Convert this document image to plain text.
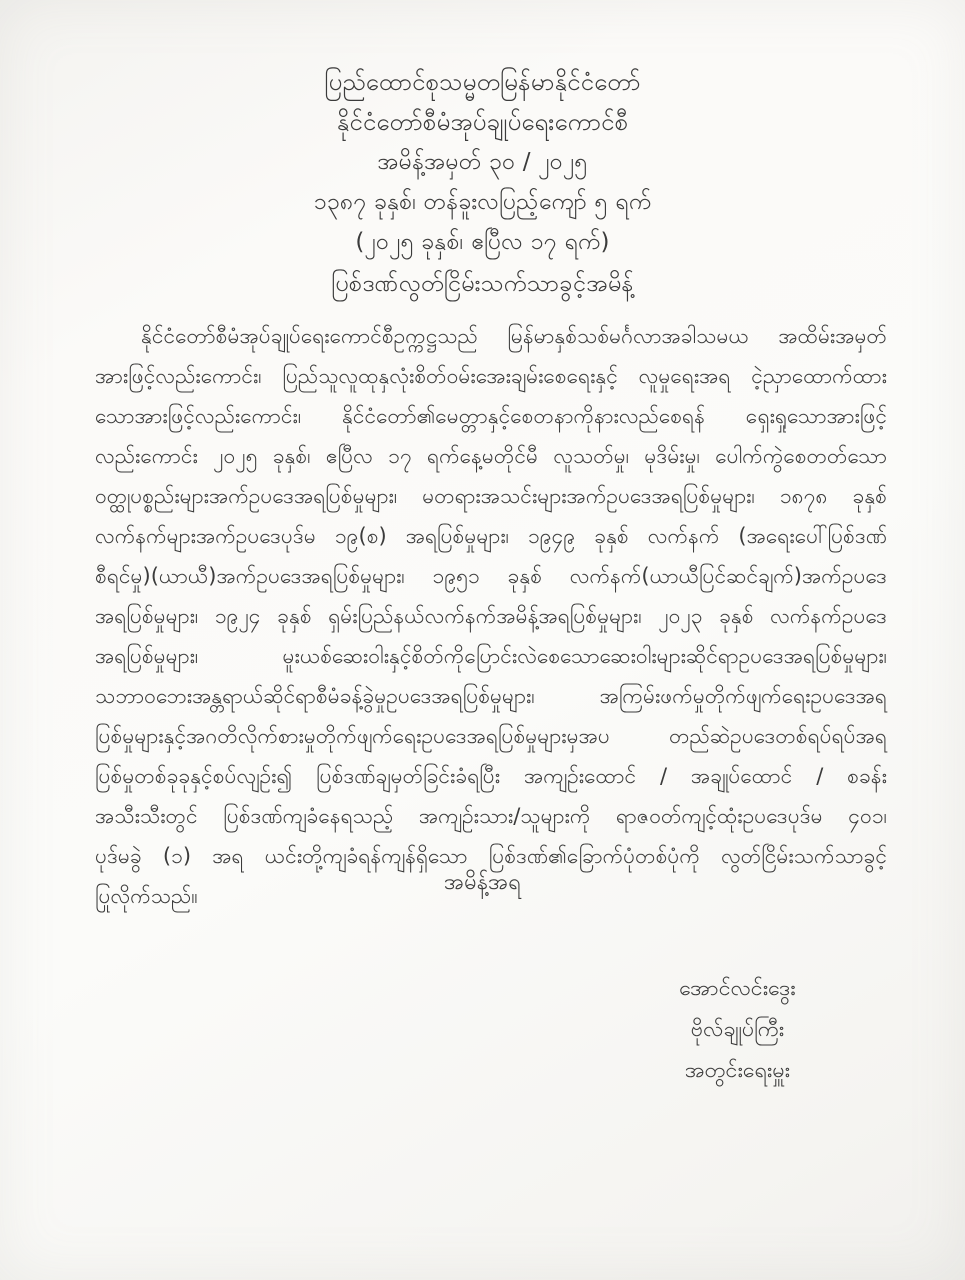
ပြည်ထောင်စုသမ္မတမြန်မာနိုင်ငံတော်
နိုင်ငံတော်စီမံအုပ်ချုပ်ရေးကောင်စီ
အမိန့်အမှတ် ၃၀ / ၂၀၂၅
၁၃၈၇ ခုနှစ်၊ တန်ခူးလပြည့်ကျော် ၅ ရက်
(၂၀၂၅ ခုနှစ်၊ ဧပြီလ ၁၇ ရက်)
ပြစ်ဒဏ်လွတ်ငြိမ်းသက်သာခွင့်အမိန့်
နိုင်ငံတော်စီမံအုပ်ချုပ်ရေးကောင်စီဥက္ကဋ္ဌသည် မြန်မာနှစ်သစ်မင်္ဂလာအခါသမယ အထိမ်းအမှတ်
အားဖြင့်လည်းကောင်း၊ ပြည်သူလူထုနှလုံးစိတ်ဝမ်းအေးချမ်းစေရေးနှင့် လူမှုရေးအရ ငဲ့ညှာထောက်ထား
သောအားဖြင့်လည်းကောင်း၊ နိုင်ငံတော်၏မေတ္တာနှင့်စေတနာကိုနားလည်စေရန် ရှေးရှုသောအားဖြင့်
လည်းကောင်း ၂၀၂၅ ခုနှစ်၊ ဧပြီလ ၁၇ ရက်နေ့မတိုင်မီ လူသတ်မှု၊ မုဒိမ်းမှု၊ ပေါက်ကွဲစေတတ်သော
ဝတ္ထုပစ္စည်းများအက်ဥပဒေအရပြစ်မှုများ၊ မတရားအသင်းများအက်ဥပဒေအရပြစ်မှုများ၊ ၁၈၇၈ ခုနှစ်
လက်နက်များအက်ဥပဒေပုဒ်မ ၁၉(စ) အရပြစ်မှုများ၊ ၁၉၄၉ ခုနှစ် လက်နက် (အရေးပေါ်ပြစ်ဒဏ်
စီရင်မှု)(ယာယီ)အက်ဥပဒေအရပြစ်မှုများ၊ ၁၉၅၁ ခုနှစ် လက်နက်(ယာယီပြင်ဆင်ချက်)အက်ဥပဒေ
အရပြစ်မှုများ၊ ၁၉၂၄ ခုနှစ် ရှမ်းပြည်နယ်လက်နက်အမိန့်အရပြစ်မှုများ၊ ၂၀၂၃ ခုနှစ် လက်နက်ဥပဒေ
အရပြစ်မှုများ၊ မူးယစ်ဆေးဝါးနှင့်စိတ်ကိုပြောင်းလဲစေသောဆေးဝါးများဆိုင်ရာဥပဒေအရပြစ်မှုများ၊
သဘာဝဘေးအန္တရာယ်ဆိုင်ရာစီမံခန့်ခွဲမှုဥပဒေအရပြစ်မှုများ၊ အကြမ်းဖက်မှုတိုက်ဖျက်ရေးဥပဒေအရ
ပြစ်မှုများနှင့်အဂတိလိုက်စားမှုတိုက်ဖျက်ရေးဥပဒေအရပြစ်မှုများမှအပ တည်ဆဲဥပဒေတစ်ရပ်ရပ်အရ
ပြစ်မှုတစ်ခုခုနှင့်စပ်လျဉ်း၍ ပြစ်ဒဏ်ချမှတ်ခြင်းခံရပြီး အကျဉ်းထောင် / အချုပ်ထောင် / စခန်း
အသီးသီးတွင် ပြစ်ဒဏ်ကျခံနေရသည့် အကျဉ်းသား/သူများကို ရာဇဝတ်ကျင့်ထုံးဥပဒေပုဒ်မ ၄၀၁၊
ပုဒ်မခွဲ (၁) အရ ယင်းတို့ကျခံရန်ကျန်ရှိသော ပြစ်ဒဏ်၏ခြောက်ပုံတစ်ပုံကို လွတ်ငြိမ်းသက်သာခွင့်
ပြုလိုက်သည်။
အမိန့်အရ
အောင်လင်းဒွေး
ဗိုလ်ချုပ်ကြီး
အတွင်းရေးမှူး
